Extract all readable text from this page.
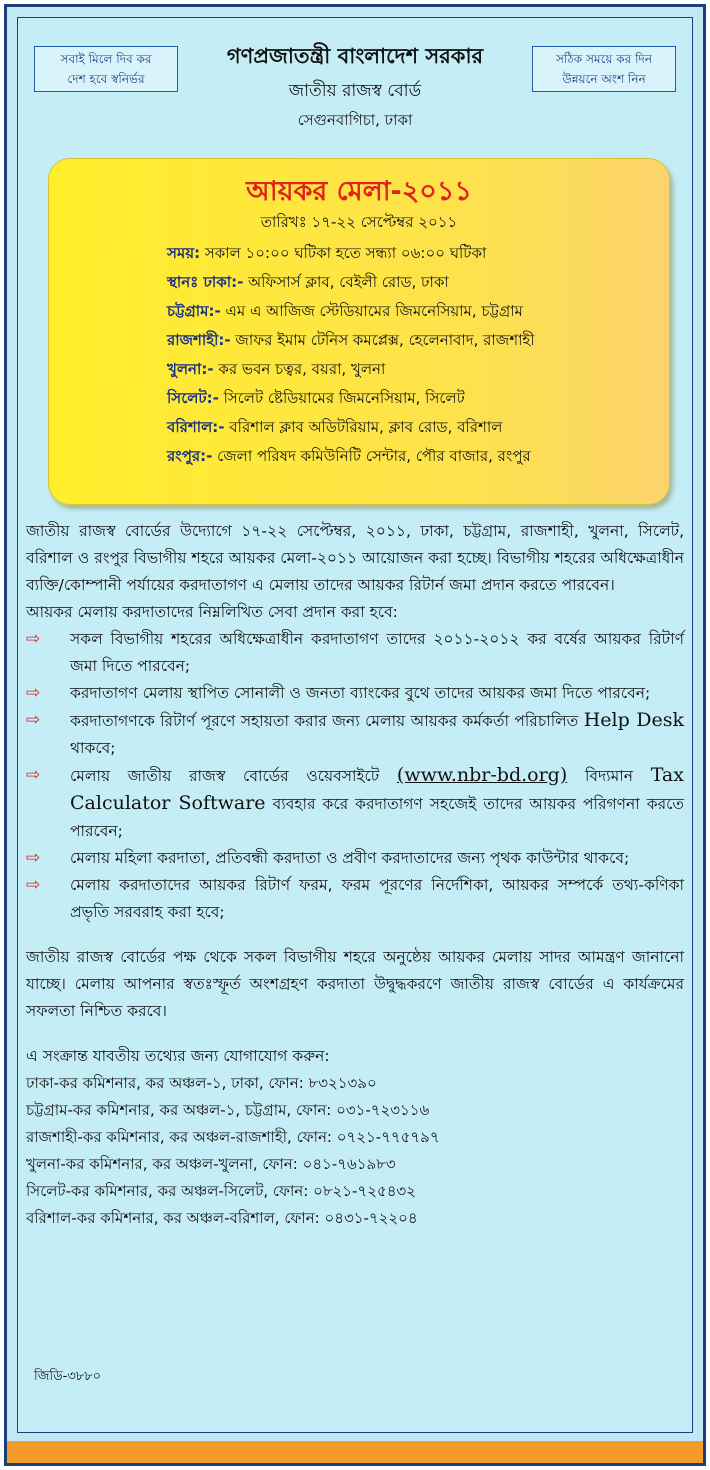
সবাই মিলে দিব কর
দেশ হবে স্বনির্ভর
সঠিক সময়ে কর দিন
উন্নয়নে অংশ নিন
গণপ্রজাতন্ত্রী বাংলাদেশ সরকার
জাতীয় রাজস্ব বোর্ড
সেগুনবাগিচা, ঢাকা
আয়কর মেলা-২০১১
তারিখঃ ১৭-২২ সেপ্টেম্বর ২০১১
সময়: সকাল ১০:০০ ঘটিকা হতে সন্ধ্যা ০৬:০০ ঘটিকা
স্থানঃ ঢাকা:- অফিসার্স ক্লাব, বেইলী রোড, ঢাকা
চট্টগ্রাম:- এম এ আজিজ স্টেডিয়ামের জিমনেসিয়াম, চট্টগ্রাম
রাজশাহী:- জাফর ইমাম টেনিস কমপ্লেক্স, হেলেনাবাদ, রাজশাহী
খুলনা:- কর ভবন চত্বর, বয়রা, খুলনা
সিলেট:- সিলেট ষ্টেডিয়ামের জিমনেসিয়াম, সিলেট
বরিশাল:- বরিশাল ক্লাব অডিটরিয়াম, ক্লাব রোড, বরিশাল
রংপুর:- জেলা পরিষদ কমিউনিটি সেন্টার, পৌর বাজার, রংপুর

জাতীয় রাজস্ব বোর্ডের উদ্যোগে ১৭-২২ সেপ্টেম্বর, ২০১১, ঢাকা, চট্টগ্রাম, রাজশাহী, খুলনা, সিলেট, বরিশাল ও রংপুর বিভাগীয় শহরে আয়কর মেলা-২০১১ আয়োজন করা হচ্ছে। বিভাগীয় শহরের অধিক্ষেত্রাধীন ব্যক্তি/কোম্পানী পর্যায়ের করদাতাগণ এ মেলায় তাদের আয়কর রিটার্ন জমা প্রদান করতে পারবেন।

আয়কর মেলায় করদাতাদের নিম্নলিখিত সেবা প্রদান করা হবে:

⇨ সকল বিভাগীয় শহরের অধিক্ষেত্রাধীন করদাতাগণ তাদের ২০১১-২০১২ কর বর্ষের আয়কর রিটার্ণ জমা দিতে পারবেন;
⇨ করদাতাগণ মেলায় স্থাপিত সোনালী ও জনতা ব্যাংকের বুথে তাদের আয়কর জমা দিতে পারবেন;
⇨ করদাতাগণকে রিটার্ণ পূরণে সহায়তা করার জন্য মেলায় আয়কর কর্মকর্তা পরিচালিত Help Desk থাকবে;
⇨ মেলায় জাতীয় রাজস্ব বোর্ডের ওয়েবসাইটে (www.nbr-bd.org) বিদ্যমান Tax Calculator Software ব্যবহার করে করদাতাগণ সহজেই তাদের আয়কর পরিগণনা করতে পারবেন;
⇨ মেলায় মহিলা করদাতা, প্রতিবন্ধী করদাতা ও প্রবীণ করদাতাদের জন্য পৃথক কাউন্টার থাকবে;
⇨ মেলায় করদাতাদের আয়কর রিটার্ণ ফরম, ফরম পূরণের নির্দেশিকা, আয়কর সম্পর্কে তথ্য-কণিকা প্রভৃতি সরবরাহ করা হবে;

জাতীয় রাজস্ব বোর্ডের পক্ষ থেকে সকল বিভাগীয় শহরে অনুষ্ঠেয় আয়কর মেলায় সাদর আমন্ত্রণ জানানো যাচ্ছে। মেলায় আপনার স্বতঃস্ফূর্ত অংশগ্রহণ করদাতা উদ্বুদ্ধকরণে জাতীয় রাজস্ব বোর্ডের এ কার্যক্রমের সফলতা নিশ্চিত করবে।

এ সংক্রান্ত যাবতীয় তথ্যের জন্য যোগাযোগ করুন:

ঢাকা-কর কমিশনার, কর অঞ্চল-১, ঢাকা, ফোন: ৮৩২১৩৯০
চট্টগ্রাম-কর কমিশনার, কর অঞ্চল-১, চট্টগ্রাম, ফোন: ০৩১-৭২৩১১৬
রাজশাহী-কর কমিশনার, কর অঞ্চল-রাজশাহী, ফোন: ০৭২১-৭৭৫৭৯৭
খুলনা-কর কমিশনার, কর অঞ্চল-খুলনা, ফোন: ০৪১-৭৬১৯৮৩
সিলেট-কর কমিশনার, কর অঞ্চল-সিলেট, ফোন: ০৮২১-৭২৫৪৩২
বরিশাল-কর কমিশনার, কর অঞ্চল-বরিশাল, ফোন: ০৪৩১-৭২২০৪
জিডি-৩৮৮০
